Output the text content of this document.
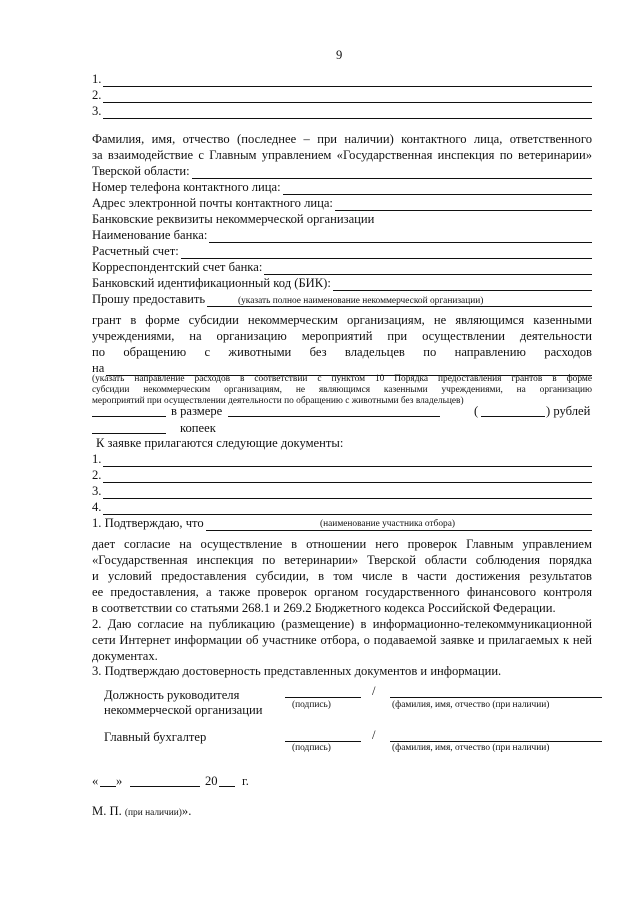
9
1.
2.
3.
Фамилия, имя, отчество (последнее – при наличии) контактного лица, ответственного
за взаимодействие с Главным управлением «Государственная инспекция по ветеринарии»
Тверской области:
Номер телефона контактного лица:
Адрес электронной почты контактного лица:
Банковские реквизиты некоммерческой организации
Наименование банка:
Расчетный счет:
Корреспондентский счет банка:
Банковский идентификационный код (БИК):
Прошу предоставить	(указать полное наименование некоммерческой организации)
грант в форме субсидии некоммерческим организациям, не являющимся казенными
учреждениями, на организацию мероприятий при осуществлении деятельности
по обращению с животными без владельцев по направлению расходов
на
(указать направление расходов в соответствии с пунктом 10 Порядка предоставления грантов в форме
субсидии некоммерческим организациям, не являющимся казенными учреждениями, на организацию
мероприятий при осуществлении деятельности по обращению с животными без владельцев)
в размере	(	) рублей
копеек
К заявке прилагаются следующие документы:
1.
2.
3.
4.
1. Подтверждаю, что	(наименование участника отбора)
дает согласие на осуществление в отношении него проверок Главным управлением
«Государственная инспекция по ветеринарии» Тверской области соблюдения порядка
и условий предоставления субсидии, в том числе в части достижения результатов
ее предоставления, а также проверок органом государственного финансового контроля
в соответствии со статьями 268.1 и 269.2 Бюджетного кодекса Российской Федерации.
2. Даю согласие на публикацию (размещение) в информационно-телекоммуникационной
сети Интернет информации об участнике отбора, о подаваемой заявке и прилагаемых к ней
документах.
3. Подтверждаю достоверность представленных документов и информации.
Должность руководителя
некоммерческой организации
/
(подпись)	(фамилия, имя, отчество (при наличии)
Главный бухгалтер	/
(подпись)	(фамилия, имя, отчество (при наличии)
« »	20 г.
М. П. (при наличии)».
